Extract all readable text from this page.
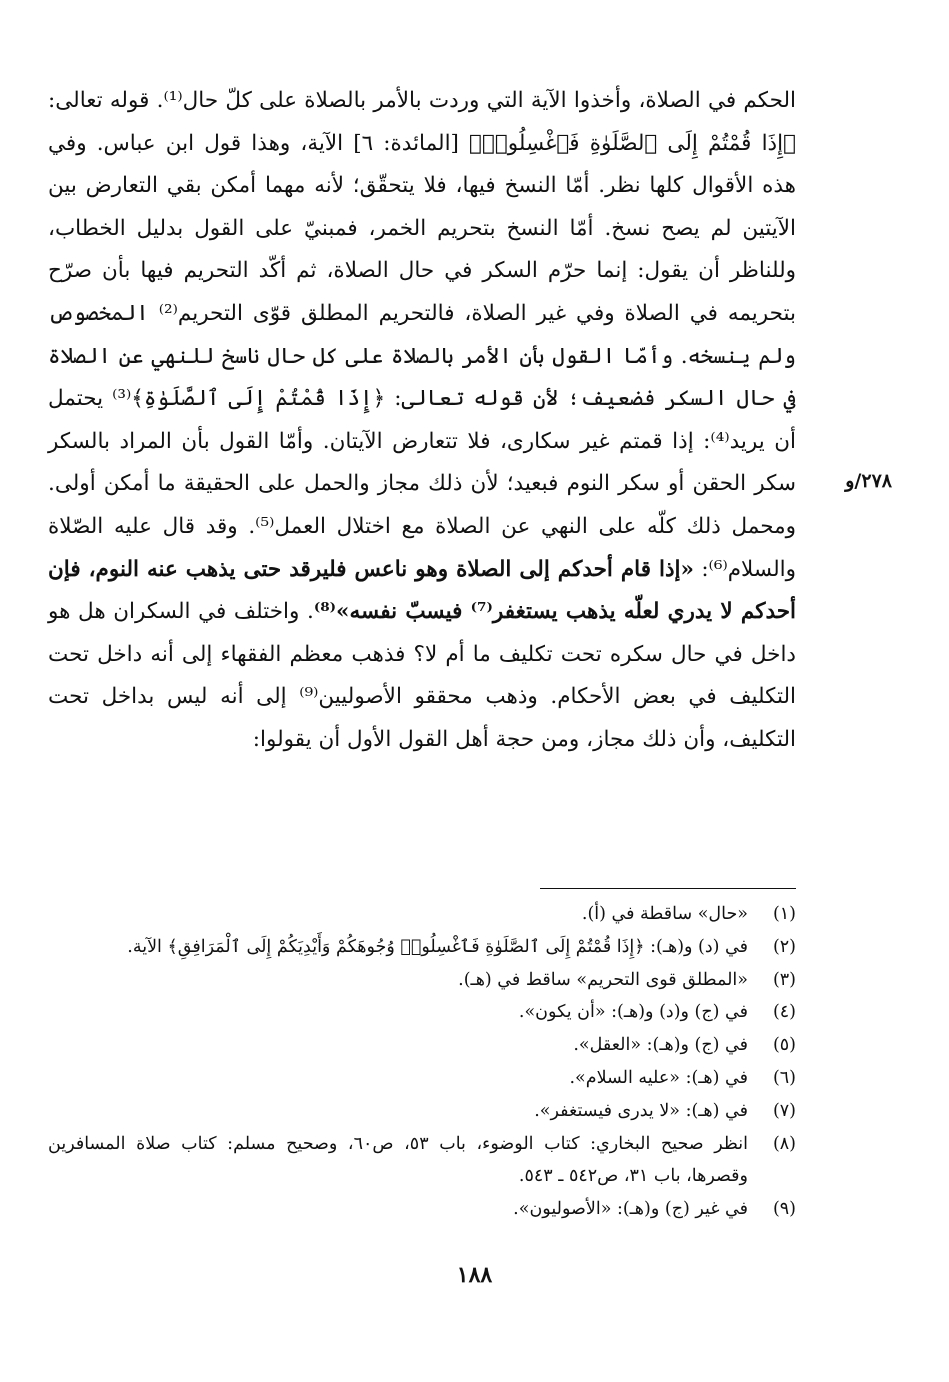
٢٧٨/و

الحكم في الصلاة، وأخذوا الآية التي وردت بالأمر بالصلاة على كلّ حال⁽¹⁾. قوله تعالى: ﴿إِذَا قُمْتُمْ إِلَى ٱلصَّلَوٰةِ فَٱغْسِلُوا۟﴾ [المائدة: ٦] الآية، وهذا قول ابن عباس. وفي هذه الأقوال كلها نظر. أمّا النسخ فيها، فلا يتحقّق؛ لأنه مهما أمكن بقي التعارض بين الآيتين لم يصح نسخ. أمّا النسخ بتحريم الخمر، فمبنيّ على القول بدليل الخطاب، وللناظر أن يقول: إنما حرّم السكر في حال الصلاة، ثم أكّد التحريم فيها بأن صرّح بتحريمه في الصلاة وفي غير الصلاة، فالتحريم المطلق قوّى التحريم⁽²⁾ المخصوص ولم ينسخه. وأمّا القول بأن الأمر بالصلاة على كل حال ناسخ للنهي عن الصلاة في حال السكر فضعيف؛ لأن قوله تعالى: ﴿إِذَا قُمْتُمْ إِلَى ٱلصَّلَوٰةِ﴾⁽³⁾ يحتمل أن يريد⁽⁴⁾: إذا قمتم غير سكارى، فلا تتعارض الآيتان. وأمّا القول بأن المراد بالسكر سكر الحقن أو سكر النوم فبعيد؛ لأن ذلك مجاز والحمل على الحقيقة ما أمكن أولى. ومحمل ذلك كلّه على النهي عن الصلاة مع اختلال العمل⁽⁵⁾. وقد قال عليه الصّلاة والسلام⁽⁶⁾: «إذا قام أحدكم إلى الصلاة وهو ناعس فليرقد حتى يذهب عنه النوم، فإن أحدكم لا يدري لعلّه يذهب يستغفر⁽⁷⁾ فيسبّ نفسه»⁽⁸⁾. واختلف في السكران هل هو داخل في حال سكره تحت تكليف ما أم لا؟ فذهب معظم الفقهاء إلى أنه داخل تحت التكليف في بعض الأحكام. وذهب محققو الأصوليين⁽⁹⁾ إلى أنه ليس بداخل تحت التكليف، وأن ذلك مجاز، ومن حجة أهل القول الأول أن يقولوا:

(١)
«حال» ساقطة في (أ).
(٢)
في (د) و(هـ): ﴿إِذَا قُمْتُمْ إِلَى ٱلصَّلَوٰةِ فَٱغْسِلُوا۟ وُجُوهَكُمْ وَأَيْدِيَكُمْ إِلَى ٱلْمَرَافِقِ﴾ الآية.
(٣)
«المطلق قوى التحريم» ساقط في (هـ).
(٤)
في (ج) و(د) و(هـ): «أن يكون».
(٥)
في (ج) و(هـ): «العقل».
(٦)
في (هـ): «عليه السلام».
(٧)
في (هـ): «لا يدرى فيستغفر».
(٨)
انظر صحيح البخاري: كتاب الوضوء، باب ٥٣، ص٦٠، وصحيح مسلم: كتاب صلاة المسافرين وقصرها، باب ٣١، ص٥٤٢ ـ ٥٤٣.
(٩)
في غير (ج) و(هـ): «الأصوليون».
١٨٨
